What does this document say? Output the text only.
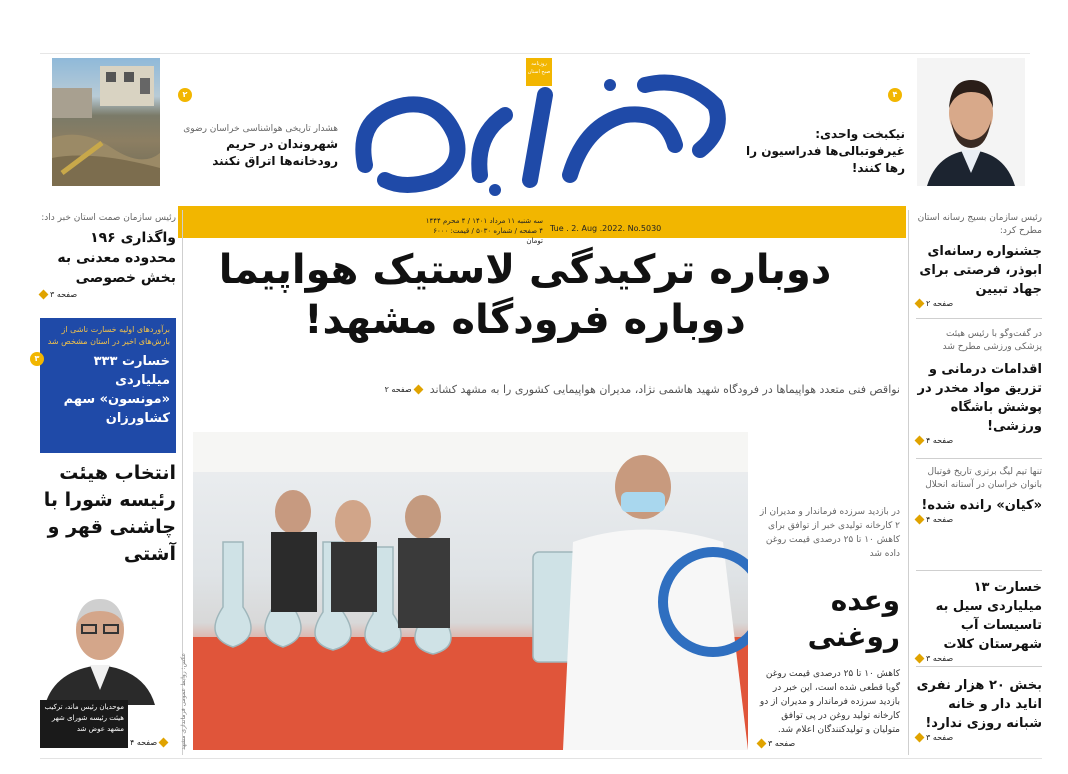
۲
هشدار تاریخی هواشناسی خراسان رضوی
شهروندان در حریم رودخانه‌ها اتراق نکنند
روزنامه صبح استان
۴
نیکبخت واحدی: غیرفوتبالی‌ها فدراسیون را رها کنند!
Tue . 2. Aug .2022. No.5030
سه شنبه ۱۱ مرداد ۱۴۰۱ / ۴ محرم ۱۴۴۴
۴ صفحه / شماره ۵۰۳۰ / قیمت: ۶۰۰۰ تومان
دوباره ترکیدگی لاستیک هواپیما
دوباره فرودگاه مشهد!
نواقص فنی متعدد هواپیماها در فرودگاه شهید هاشمی نژاد، مدیران هواپیمایی کشوری را به مشهد کشاند
صفحه ۲
رئیس سازمان صمت استان خبر داد:
واگذاری ۱۹۶ محدوده معدنی به بخش خصوصی
صفحه ۳
برآوردهای اولیه خسارت ناشی از بارش‌های اخیر در استان مشخص شد
خسارت ۳۳۳ میلیاردی «مونسون» سهم کشاورزان
۳
انتخاب هیئت رئیسه شورا با چاشنی قهر و آشتی
موحدیان رئیس ماند، ترکیب هیئت رئیسه شورای شهر مشهد عوض شد
صفحه ۴	عکس: روابط عمومی فرمانداری مشهد
در بازدید سرزده فرماندار و مدیران از ۲ کارخانه تولیدی خبر از توافق برای کاهش ۱۰ تا ۲۵ درصدی قیمت روغن داده شد
وعده روغنی
کاهش ۱۰ تا ۲۵ درصدی قیمت روغن گویا قطعی شده است، این خبر در بازدید سرزده فرماندار و مدیران از دو کارخانه تولید روغن در پی توافق متولیان و تولیدکنندگان اعلام شد.
صفحه ۳
رئیس سازمان بسیج رسانه استان مطرح کرد:
جشنواره رسانه‌ای ابوذر، فرصتی برای جهاد تبیین
صفحه ۲
در گفت‌وگو با رئیس هیئت پزشکی ورزشی مطرح شد
اقدامات درمانی و تزریق مواد مخدر در پوشش باشگاه ورزشی!
صفحه ۴
تنها تیم لیگ برتری تاریخ فوتبال بانوان خراسان در آستانه انحلال
«کیان» رانده شده!
صفحه ۴
خسارت ۱۳ میلیاردی سیل به تاسیسات آب شهرستان کلات
صفحه ۳
بخش ۲۰ هزار نفری اناید دار و خانه شبانه روزی ندارد!
صفحه ۳
